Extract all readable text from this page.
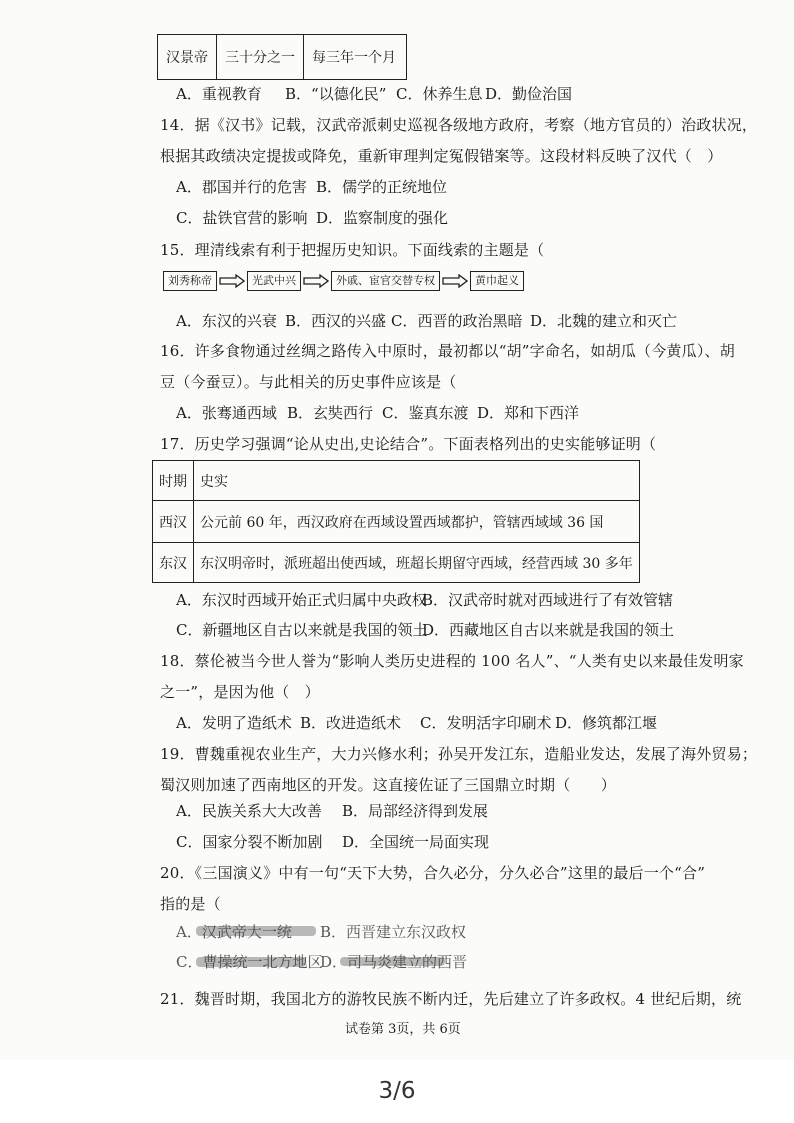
汉景帝	三十分之一	每三年一个月
A．重视教育 B．“以德化民” C．休养生息 D．勤俭治国
14．据《汉书》记载，汉武帝派刺史巡视各级地方政府，考察（地方官员的）治政状况，
根据其政绩决定提拔或降免，重新审理判定冤假错案等。这段材料反映了汉代（　）
A．郡国并行的危害 B．儒学的正统地位
C．盐铁官营的影响 D．监察制度的强化
15．理清线索有利于把握历史知识。下面线索的主题是（
刘秀称帝	光武中兴	外戚、宦官交替专权	黄巾起义
A．东汉的兴衰 B．西汉的兴盛 C．西晋的政治黑暗 D．北魏的建立和灭亡
16．许多食物通过丝绸之路传入中原时，最初都以“胡”字命名，如胡瓜（今黄瓜）、胡
豆（今蚕豆）。与此相关的历史事件应该是（
A．张骞通西域 B．玄奘西行 C．鉴真东渡 D．郑和下西洋
17．历史学习强调“论从史出,史论结合”。下面表格列出的史实能够证明（
时期	史实
西汉	公元前 60 年，西汉政府在西域设置西域都护，管辖西域域 36 国
东汉	东汉明帝时，派班超出使西域，班超长期留守西域，经营西域 30 多年
A．东汉时西域开始正式归属中央政权
B．汉武帝时就对西域进行了有效管辖
C．新疆地区自古以来就是我国的领土
D．西藏地区自古以来就是我国的领土
18．蔡伦被当今世人誉为“影响人类历史进程的 100 名人”、“人类有史以来最佳发明家
之一”，是因为他（　）
A．发明了造纸术 B．改进造纸术 C．发明活字印刷术 D．修筑都江堰
19．曹魏重视农业生产，大力兴修水利；孙吴开发江东，造船业发达，发展了海外贸易；
蜀汉则加速了西南地区的开发。这直接佐证了三国鼎立时期（　　）
A．民族关系大大改善 B．局部经济得到发展
C．国家分裂不断加剧 D．全国统一局面实现
20．《三国演义》中有一句“天下大势，合久必分，分久必合”这里的最后一个“合”
指的是（
A．汉武帝大一统 B．西晋建立东汉政权
C．曹操统一北方地区
D．司马炎建立的西晋
21．魏晋时期，我国北方的游牧民族不断内迁，先后建立了许多政权。4 世纪后期，统
试卷第 3页，共 6页
3/6
